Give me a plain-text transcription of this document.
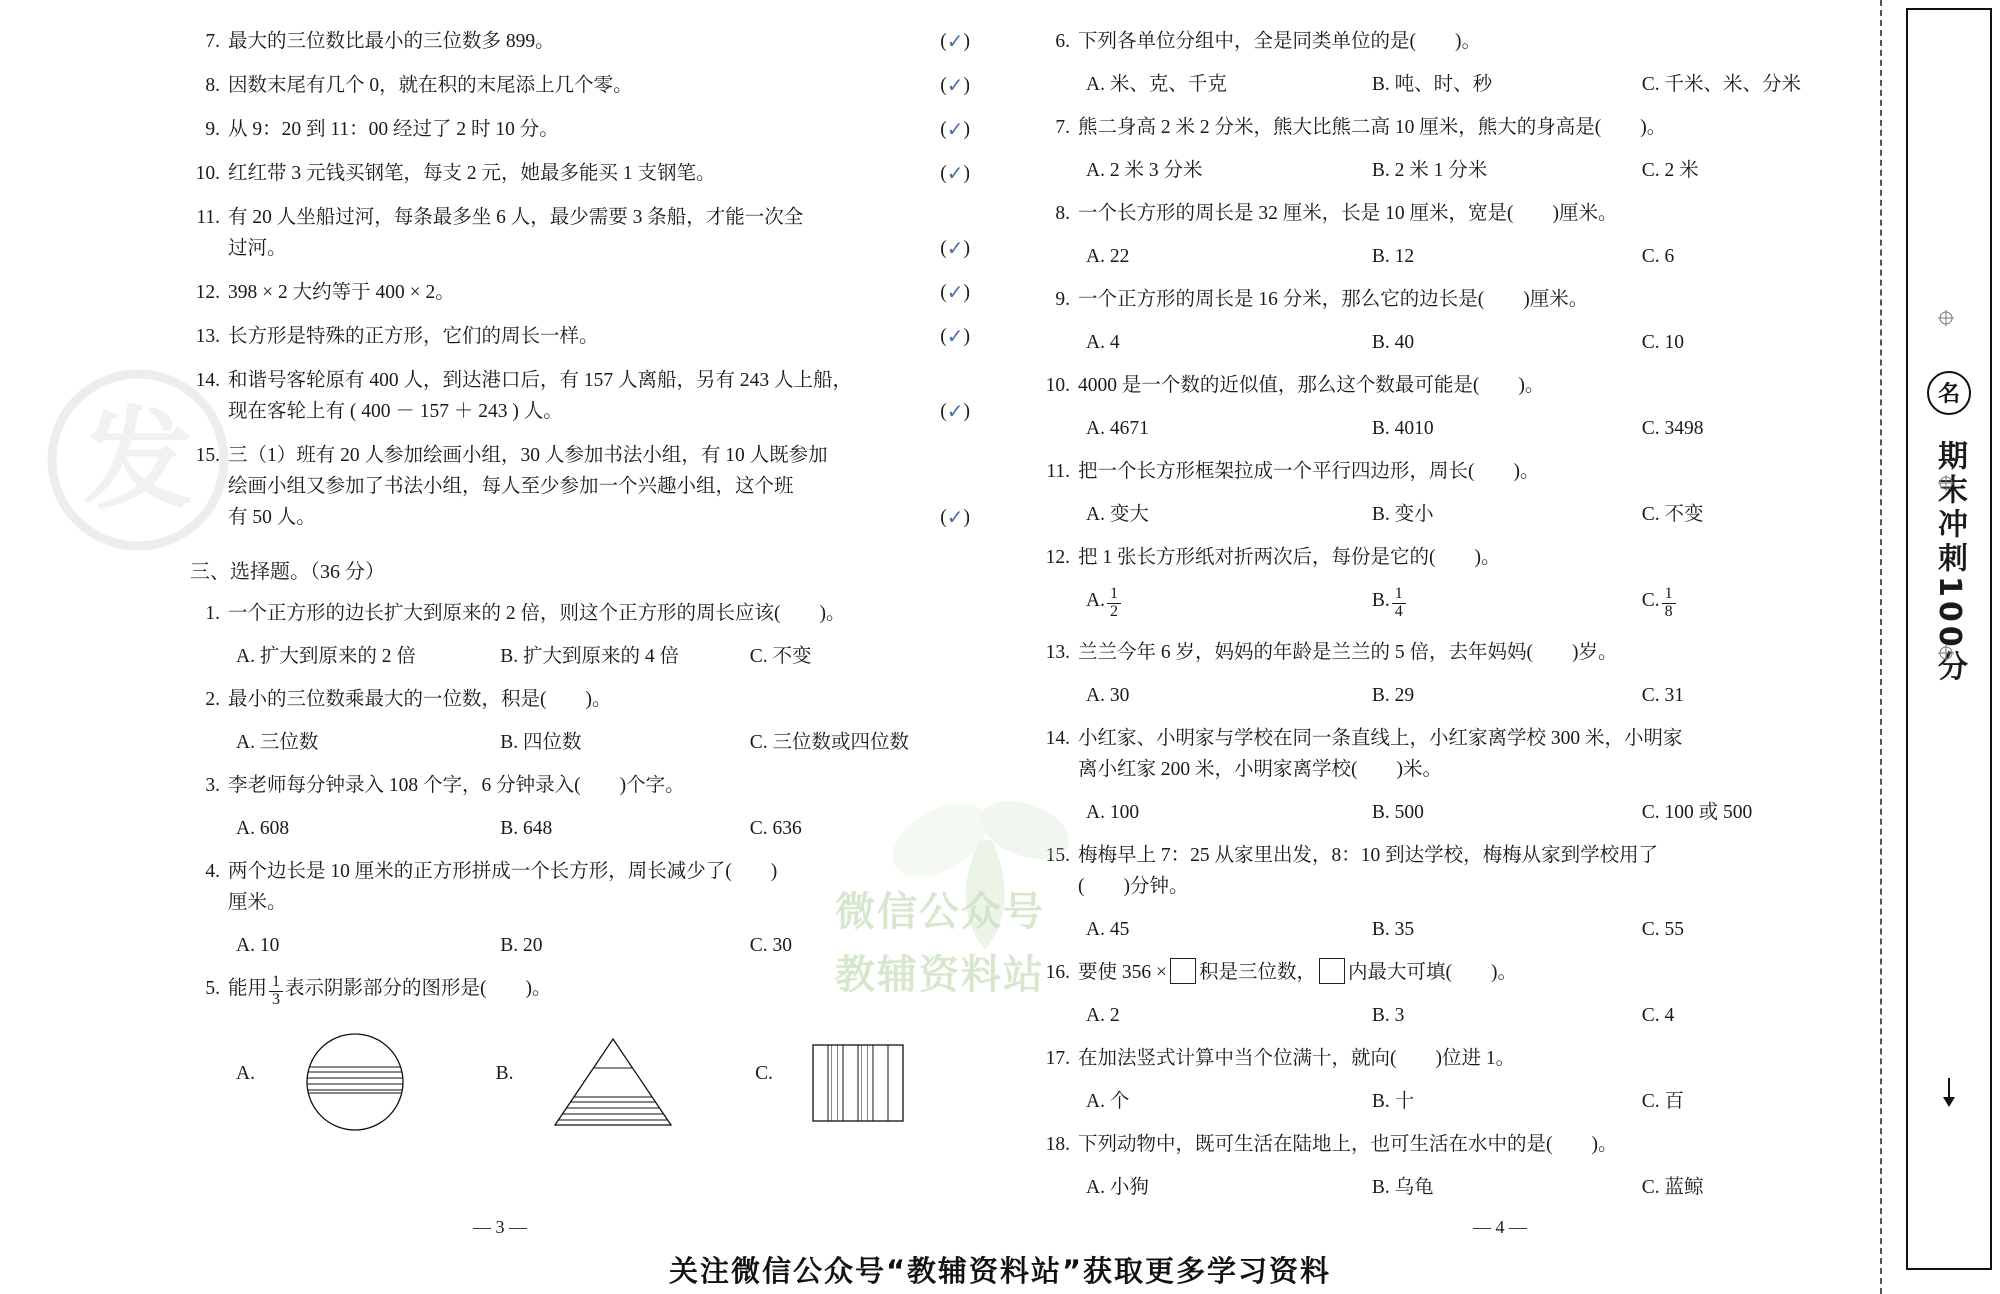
7.	(✓)
最大的三位数比最小的三位数多 899。
8.	(✓)
因数末尾有几个 0，就在积的末尾添上几个零。
9.	(✓)
从 9：20 到 11：00 经过了 2 时 10 分。
10.	(✓)
红红带 3 元钱买钢笔，每支 2 元，她最多能买 1 支钢笔。
11. 有 20 人坐船过河，每条最多坐 6 人，最少需要 3 条船，才能一次全
(✓)
过河。
12.	(✓)
398 × 2 大约等于 400 × 2。
13.	(✓)
长方形是特殊的正方形，它们的周长一样。
14. 和谐号客轮原有 400 人，到达港口后，有 157 人离船，另有 243 人上船，
(✓)
现在客轮上有 ( 400 － 157 ＋ 243 ) 人。
15. 三（1）班有 20 人参加绘画小组，30 人参加书法小组，有 10 人既参加
绘画小组又参加了书法小组，每人至少参加一个兴趣小组，这个班
(✓)
有 50 人。
三、选择题。（36 分）
1. 一个正方形的边长扩大到原来的 2 倍，则这个正方形的周长应该(　　)。
A. 扩大到原来的 2 倍	B. 扩大到原来的 4 倍	C. 不变
2. 最小的三位数乘最大的一位数，积是(　　)。
A. 三位数	B. 四位数	C. 三位数或四位数
3. 李老师每分钟录入 108 个字，6 分钟录入(　　)个字。
A. 608	B. 648	C. 636
4. 两个边长是 10 厘米的正方形拼成一个长方形，周长减少了(　　)
厘米。
A. 10	B. 20	C. 30
5. 能用 $\frac{1}{3}$ 表示阴影部分的图形是(　　)。
A.	B.	C.
— 3 —
6. 下列各单位分组中，全是同类单位的是(　　)。
A. 米、克、千克	B. 吨、时、秒	C. 千米、米、分米
7. 熊二身高 2 米 2 分米，熊大比熊二高 10 厘米，熊大的身高是(　　)。
A. 2 米 3 分米	B. 2 米 1 分米	C. 2 米
8. 一个长方形的周长是 32 厘米，长是 10 厘米，宽是(　　)厘米。
A. 22	B. 12	C. 6
9. 一个正方形的周长是 16 分米，那么它的边长是(　　)厘米。
A. 4	B. 40	C. 10
10. 4000 是一个数的近似值，那么这个数最可能是(　　)。
A. 4671	B. 4010	C. 3498
11. 把一个长方形框架拉成一个平行四边形，周长(　　)。
A. 变大	B. 变小	C. 不变
12. 把 1 张长方形纸对折两次后，每份是它的(　　)。
A. $\frac{1}{2}$	B. $\frac{1}{4}$	C. $\frac{1}{8}$
13. 兰兰今年 6 岁，妈妈的年龄是兰兰的 5 倍，去年妈妈(　　)岁。
A. 30	B. 29	C. 31
14. 小红家、小明家与学校在同一条直线上，小红家离学校 300 米，小明家
离小红家 200 米，小明家离学校(　　)米。
A. 100	B. 500	C. 100 或 500
15. 梅梅早上 7：25 从家里出发，8：10 到达学校，梅梅从家到学校用了
(　　)分钟。
A. 45	B. 35	C. 55
16. 要使 356 × 积是三位数， 内最大可填(　　)。
A. 2	B. 3	C. 4
17. 在加法竖式计算中当个位满十，就向(　　)位进 1。
A. 个	B. 十	C. 百
18. 下列动物中，既可生活在陆地上，也可生活在水中的是(　　)。
A. 小狗	B. 乌龟	C. 蓝鲸
— 4 —
发
微信公众号
教辅资料站
名
期末冲刺100分
关注微信公众号“教辅资料站”获取更多学习资料
